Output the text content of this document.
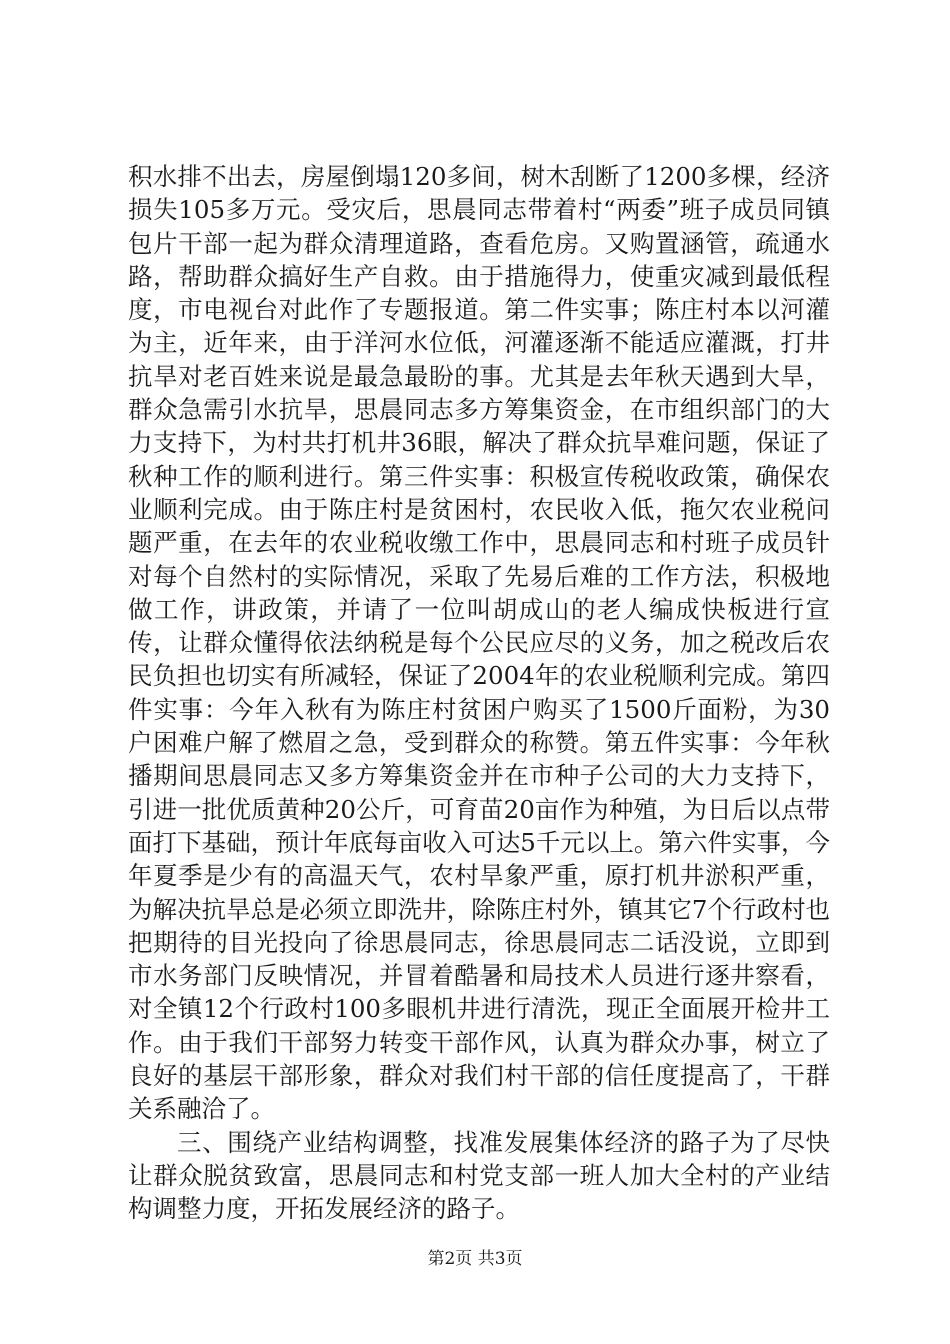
积水排不出去，房屋倒塌120多间，树木刮断了1200多棵，经济损失105多万元。受灾后，思晨同志带着村“两委”班子成员同镇包片干部一起为群众清理道路，查看危房。又购置涵管，疏通水路，帮助群众搞好生产自救。由于措施得力，使重灾减到最低程度，市电视台对此作了专题报道。第二件实事；陈庄村本以河灌为主，近年来，由于洋河水位低，河灌逐渐不能适应灌溉，打井抗旱对老百姓来说是最急最盼的事。尤其是去年秋天遇到大旱，群众急需引水抗旱，思晨同志多方筹集资金，在市组织部门的大力支持下，为村共打机井36眼，解决了群众抗旱难问题，保证了秋种工作的顺利进行。第三件实事：积极宣传税收政策，确保农业顺利完成。由于陈庄村是贫困村，农民收入低，拖欠农业税问题严重，在去年的农业税收缴工作中，思晨同志和村班子成员针对每个自然村的实际情况，采取了先易后难的工作方法，积极地做工作，讲政策，并请了一位叫胡成山的老人编成快板进行宣传，让群众懂得依法纳税是每个公民应尽的义务，加之税改后农民负担也切实有所减轻，保证了2004年的农业税顺利完成。第四件实事：今年入秋有为陈庄村贫困户购买了1500斤面粉，为30户困难户解了燃眉之急，受到群众的称赞。第五件实事：今年秋播期间思晨同志又多方筹集资金并在市种子公司的大力支持下，引进一批优质黄种20公斤，可育苗20亩作为种殖，为日后以点带面打下基础，预计年底每亩收入可达5千元以上。第六件实事，今年夏季是少有的高温天气，农村旱象严重，原打机井淤积严重，为解决抗旱总是必须立即洗井，除陈庄村外，镇其它7个行政村也把期待的目光投向了徐思晨同志，徐思晨同志二话没说，立即到市水务部门反映情况，并冒着酷暑和局技术人员进行逐井察看，对全镇12个行政村100多眼机井进行清洗，现正全面展开检井工作。由于我们干部努力转变干部作风，认真为群众办事，树立了良好的基层干部形象，群众对我们村干部的信任度提高了，干群关系融洽了。

三、围绕产业结构调整，找准发展集体经济的路子为了尽快让群众脱贫致富，思晨同志和村党支部一班人加大全村的产业结构调整力度，开拓发展经济的路子。

第2页 共3页
